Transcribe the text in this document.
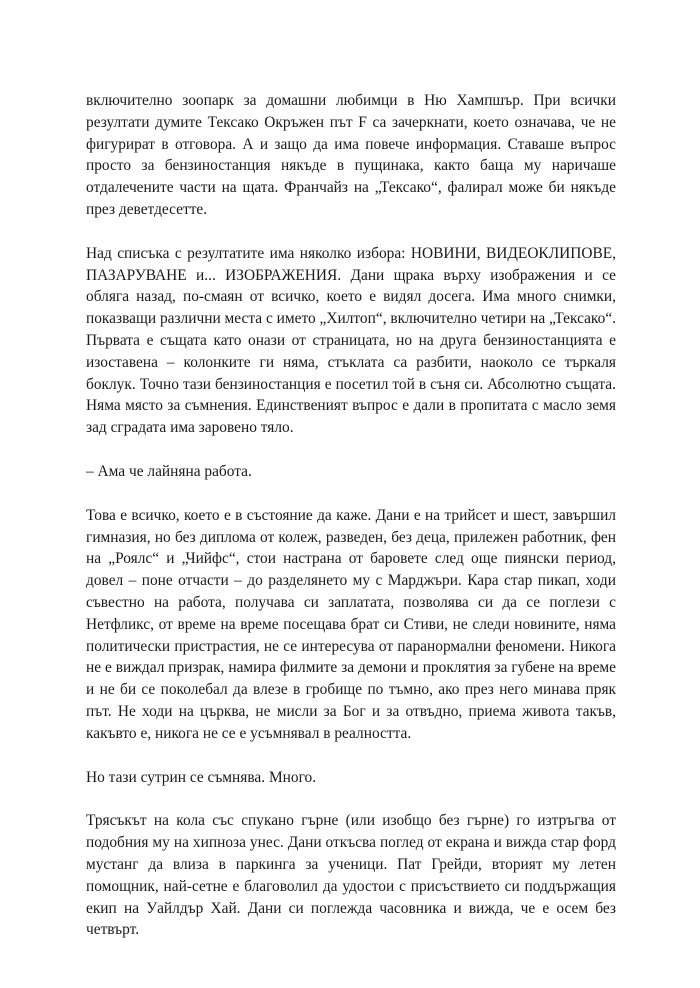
включително зоопарк за домашни любимци в Ню Хампшър. При всички резултати думите Тексако Окръжен път F са зачеркнати, което означава, че не фигурират в отговора. А и защо да има повече информация. Ставаше въпрос просто за бензиностанция някъде в пущинака, както баща му наричаше отдалечените части на щата. Франчайз на „Тексако“, фалирал може би някъде през деветдесетте.

Над списъка с резултатите има няколко избора: НОВИНИ, ВИДЕОКЛИПОВЕ, ПАЗАРУВАНЕ и... ИЗОБРАЖЕНИЯ. Дани щрака върху изображения и се обляга назад, по-смаян от всичко, което е видял досега. Има много снимки, показващи различни места с името „Хилтоп“, включително четири на „Тексако“. Първата е същата като онази от страницата, но на друга бензиностанцията е изоставена – колонките ги няма, стъклата са разбити, наоколо се търкаля боклук. Точно тази бензиностанция е посетил той в съня си. Абсолютно същата. Няма място за съмнения. Единственият въпрос е дали в пропитата с масло земя зад сградата има заровено тяло.

– Ама че лайняна работа.

Това е всичко, което е в състояние да каже. Дани е на трийсет и шест, завършил гимназия, но без диплома от колеж, разведен, без деца, прилежен работник, фен на „Роялс“ и „Чийфс“, стои настрана от баровете след още пиянски период, довел – поне отчасти – до разделянето му с Марджъри. Кара стар пикап, ходи съвестно на работа, получава си заплатата, позволява си да се поглези с Нетфликс, от време на време посещава брат си Стиви, не следи новините, няма политически пристрастия, не се интересува от паранормални феномени. Никога не е виждал призрак, намира филмите за демони и проклятия за губене на време и не би се поколебал да влезе в гробище по тъмно, ако през него минава пряк път. Не ходи на църква, не мисли за Бог и за отвъдно, приема живота такъв, какъвто е, никога не се е усъмнявал в реалността.

Но тази сутрин се съмнява. Много.

Трясъкът на кола със спукано гърне (или изобщо без гърне) го изтръгва от подобния му на хипноза унес. Дани откъсва поглед от екрана и вижда стар форд мустанг да влиза в паркинга за ученици. Пат Грейди, вторият му летен помощник, най-сетне е благоволил да удостои с присъствието си поддържащия екип на Уайлдър Хай. Дани си поглежда часовника и вижда, че е осем без четвърт.
